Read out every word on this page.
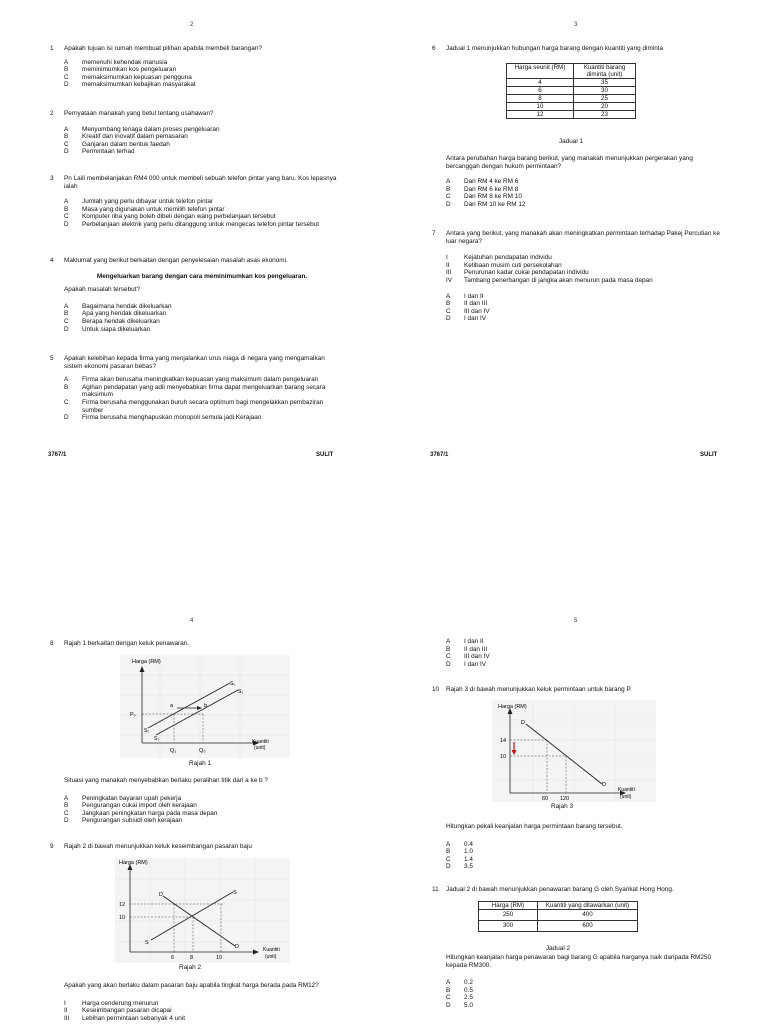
2	3
4	5
3767/1	SULIT	3767/1	SULIT
1 Apakah tujuan isi rumah membuat pilihan apabila membeli barangan?
A	memenuhi kehendak manusia
B	meminimumkan kos pengeluaran
C	memaksimumkan kepuasan pengguna
D	memaksimumkan kebajikan masyarakat
2 Pernyataan manakah yang betul tentang usahawan?
A	Menyumbang tenaga dalam proses pengeluaran
B	Kreatif dan inovatif dalam pemasaran
C	Ganjaran dalam bentuk faedah
D	Permintaan terhad
3 Pn Laili membelanjakan RM4 000 untuk membeli sebuah telefon pintar yang baru. Kos lepasnya ialah
A	Jumlah yang perlu dibayar untuk telefon pintar
B	Masa yang digunakan untuk memilih telefon pintar
C	Komputer riba yang boleh dibeli dengan wang perbelanjaan tersebut
D	Perbelanjaan elektrik yang perlu ditanggung untuk mengecas telefon pintar tersebut
4 Maklumat yang berikut berkaitan dengan penyelesaian masalah asas ekonomi.
Mengeluarkan barang dengan cara meminimumkan kos pengeluaran.
Apakah masalah tersebut?
A	Bagaimana hendak dikeluarkan
B	Apa yang hendak dikeluarkan
C	Berapa hendak dikeluarkan
D	Untuk siapa dikeluarkan
5 Apakah kelebihan kepada firma yang menjalankan urus niaga di negara yang mengamalkan sistem ekonomi pasaran bebas?
A	Firma akan berusaha meningkatkan kepuasan yang maksimum dalam pengeluaran
B	Agihan pendapatan yang adil menyebabkan firma dapat mengeluarkan barang secara maksimum
C	Firma berusaha menggunakan buruh secara optimum bagi mengelakkan pembaziran sumber
D	Firma berusaha menghapuskan monopoli semula jadi Kerajaan
6 Jadual 1 menunjukkan hubungan harga barang dengan kuantiti yang diminta
Harga seunit (RM)	Kuantiti barang diminta (unit)
4	35
6	30
8	25
10	20
12	23
Jadual 1
Antara perubahan harga barang berikut, yang manakah menunjukkan pergerakan yang bercanggah dengan hukum permintaan?
A	Dari RM 4 ke RM 6
B	Dari RM 6 ke RM 8
C	Dari RM 8 ke RM 10
D	Dari RM 10 ke RM 12
7 Antara yang berikut, yang manakah akan meningkatkan permintaan terhadap Pakej Percutian ke luar negara?
I	Kejatuhan pendapatan individu
II	Ketibaan musim cuti persekolahan
III	Penurunan kadar cukai pendapatan individu
IV	Tambang penerbangan di jangka akan menurun pada masa depan
A	I dan II
B	II dan III
C	III dan IV
D	I dan IV
8 Rajah 1 berkaitan dengan keluk penawaran.
Harga (RM)
Kuantiti
(unit)
P₀
Q₁	Q₀
a	b
S₀
S₁
S₀
S₁
Rajah 1
Situasi yang manakah menyebabkan berlaku peralihan titik dari a ke b ?
A	Peningkatan bayaran upah pekerja
B	Pengurangan cukai import oleh kerajaan
C	Jangkaan peningkatan harga pada masa depan
D	Pengurangan subsidi oleh kerajaan
9 Rajah 2 di bawah menunjukkan keluk keseimbangan pasaran baju
Harga (RM)
Kuantiti
(unit)
12
10
6	8	10
D	S
D
S
Rajah 2
Apakah yang akan berlaku dalam pasaran baju apabila tingkat harga berada pada RM12?
I	Harga cenderung menurun
II	Keseimbangan pasaran dicapai
III	Lebihan permintaan sebanyak 4 unit
A	I dan II
B	II dan III
C	III dan IV
D	I dan IV
10 Rajah 3 di bawah menunjukkan keluk permintaan untuk barang P.
Harga (RM)
Kuantiti
(unit)
14
10
60 120
D
D
Rajah 3
Hitungkan pekali keanjalan harga permintaan barang tersebut.
A	0.4
B	1.0
C	1.4
D	3.5
11 Jadual 2 di bawah menunjukkan penawaran barang G oleh Syarikat Hong Hong.
Harga (RM)	Kuantiti yang ditawarkan (unit)
250	400
300	600
Jadual 2
Hitungkan keanjalan harga penawaran bagi barang G apabila harganya naik daripada RM250 kepada RM300.
A	0.2
B	0.5
C	2.5
D	5.0
